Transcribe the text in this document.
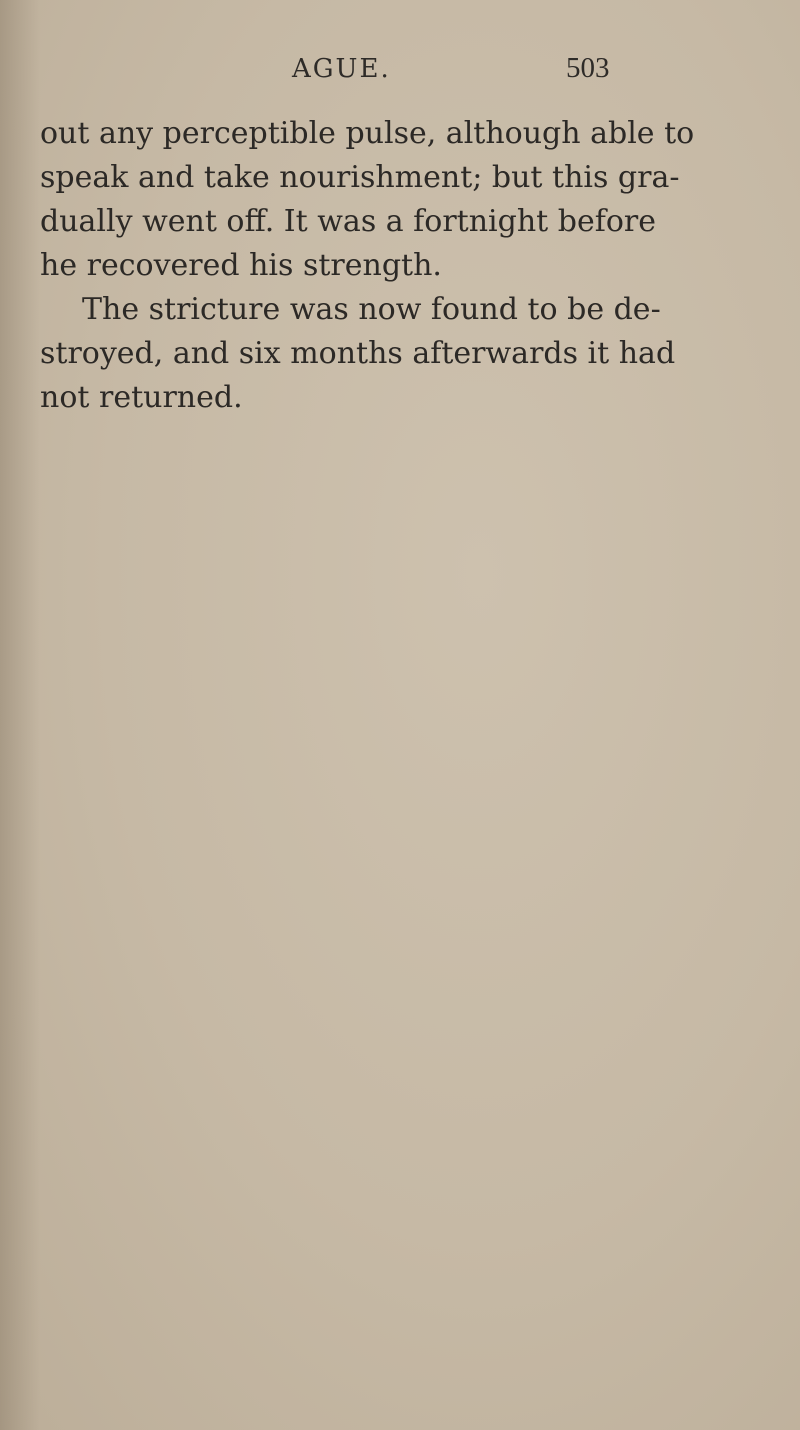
AGUE.	503
out any perceptible pulse, although able to
speak and take nourishment; but this gra-
dually went off. It was a fortnight before
he recovered his strength.
The stricture was now found to be de-
stroyed, and six months afterwards it had
not returned.
